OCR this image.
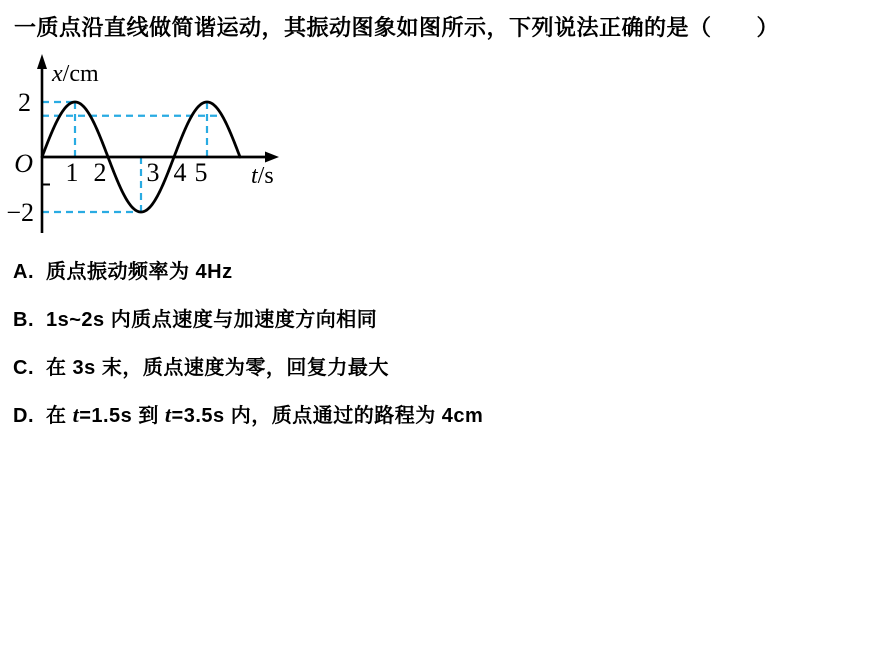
一质点沿直线做简谐运动，其振动图象如图所示，下列说法正确的是（　　）
x/cm
t/s
O
2
−2
1 2 3 4 5
A. 质点振动频率为 4Hz
B. 1s~2s 内质点速度与加速度方向相同
C. 在 3s 末，质点速度为零，回复力最大
D. 在 t=1.5s 到 t=3.5s 内，质点通过的路程为 4cm
